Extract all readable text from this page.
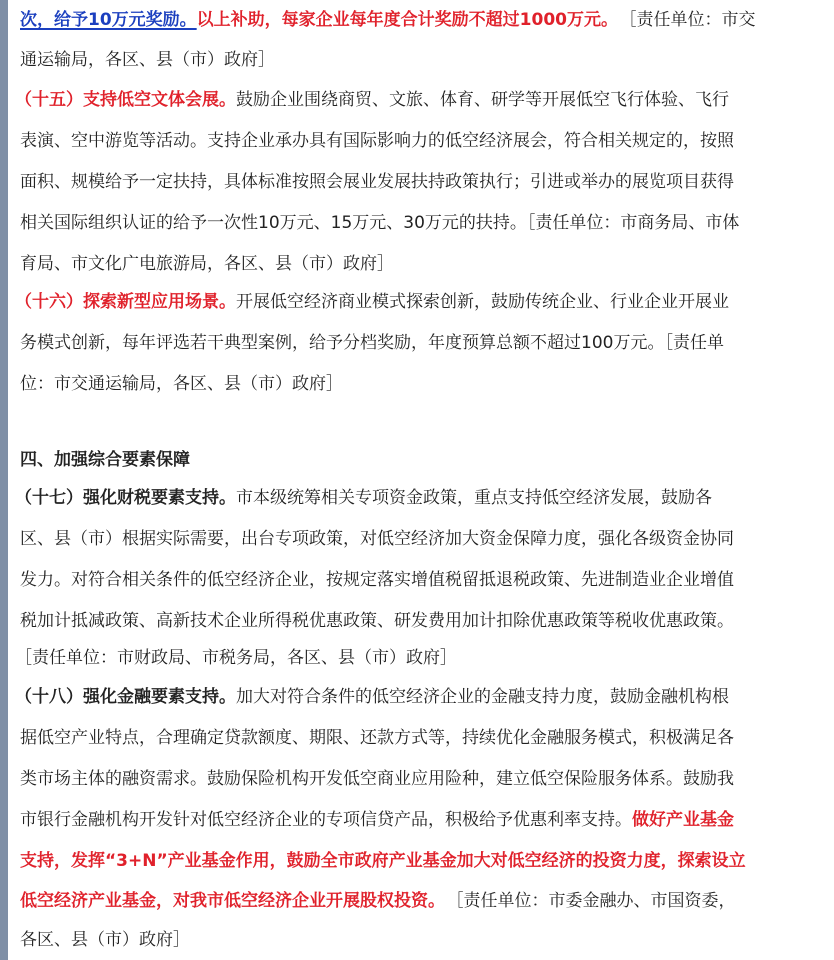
次，给予10万元奖励。以上补助，每家企业每年度合计奖励不超过1000万元。 ［责任单位：市交
通运输局，各区、县（市）政府］
（十五）支持低空文体会展。鼓励企业围绕商贸、文旅、体育、研学等开展低空飞行体验、飞行
表演、空中游览等活动。支持企业承办具有国际影响力的低空经济展会，符合相关规定的，按照
面积、规模给予一定扶持，具体标准按照会展业发展扶持政策执行；引进或举办的展览项目获得
相关国际组织认证的给予一次性10万元、15万元、30万元的扶持。［责任单位：市商务局、市体
育局、市文化广电旅游局，各区、县（市）政府］
（十六）探索新型应用场景。开展低空经济商业模式探索创新，鼓励传统企业、行业企业开展业
务模式创新，每年评选若干典型案例，给予分档奖励，年度预算总额不超过100万元。［责任单
位：市交通运输局，各区、县（市）政府］
四、加强综合要素保障
（十七）强化财税要素支持。市本级统筹相关专项资金政策，重点支持低空经济发展，鼓励各
区、县（市）根据实际需要，出台专项政策，对低空经济加大资金保障力度，强化各级资金协同
发力。对符合相关条件的低空经济企业，按规定落实增值税留抵退税政策、先进制造业企业增值
税加计抵减政策、高新技术企业所得税优惠政策、研发费用加计扣除优惠政策等税收优惠政策。
［责任单位：市财政局、市税务局，各区、县（市）政府］
（十八）强化金融要素支持。加大对符合条件的低空经济企业的金融支持力度，鼓励金融机构根
据低空产业特点，合理确定贷款额度、期限、还款方式等，持续优化金融服务模式，积极满足各
类市场主体的融资需求。鼓励保险机构开发低空商业应用险种，建立低空保险服务体系。鼓励我
市银行金融机构开发针对低空经济企业的专项信贷产品，积极给予优惠利率支持。做好产业基金
支持，发挥“3+N”产业基金作用，鼓励全市政府产业基金加大对低空经济的投资力度，探索设立
低空经济产业基金，对我市低空经济企业开展股权投资。 ［责任单位：市委金融办、市国资委，
各区、县（市）政府］
